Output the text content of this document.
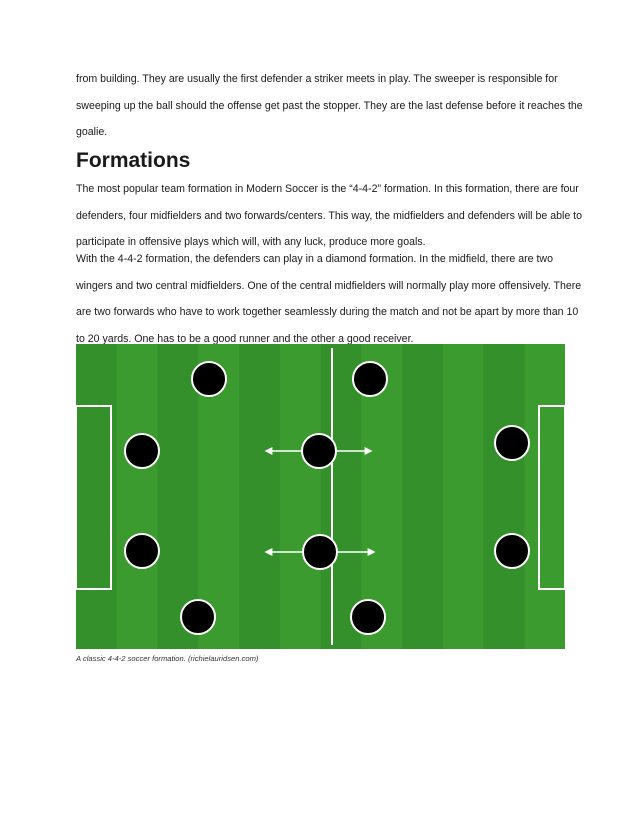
from building. They are usually the first defender a striker meets in play. The sweeper is responsible for
sweeping up the ball should the offense get past the stopper. They are the last defense before it reaches the
goalie.

Formations

The most popular team formation in Modern Soccer is the “4-4-2” formation. In this formation, there are four
defenders, four midfielders and two forwards/centers. This way, the midfielders and defenders will be able to
participate in offensive plays which will, with any luck, produce more goals.

With the 4-4-2 formation, the defenders can play in a diamond formation. In the midfield, there are two
wingers and two central midfielders. One of the central midfielders will normally play more offensively. There
are two forwards who have to work together seamlessly during the match and not be apart by more than 10
to 20 yards. One has to be a good runner and the other a good receiver.

A classic 4-4-2 soccer formation. (richielauridsen.com)
